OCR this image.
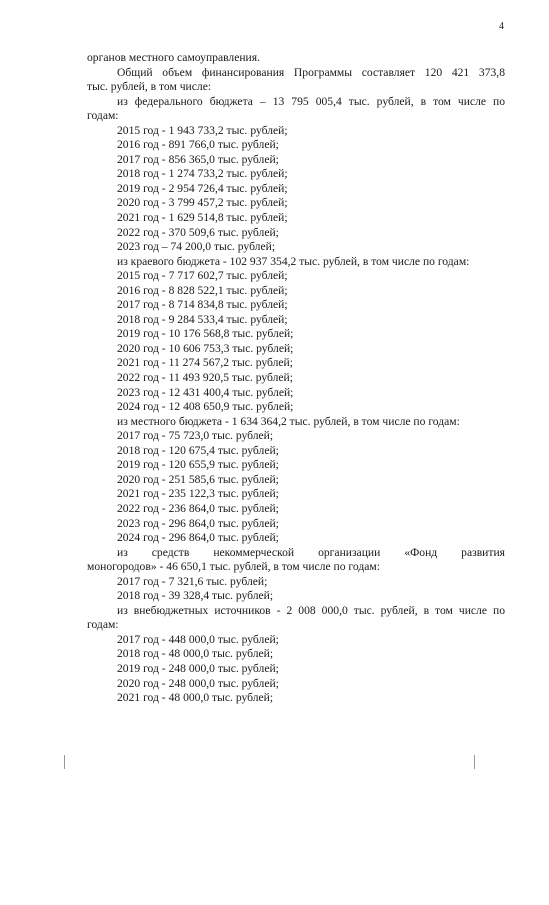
4

органов местного самоуправления.

Общий объем финансирования Программы составляет 120 421 373,8

тыс. рублей, в том числе:

из федерального бюджета – 13 795 005,4 тыс. рублей, в том числе по

годам:

2015 год - 1 943 733,2 тыс. рублей;

2016 год - 891 766,0 тыс. рублей;

2017 год - 856 365,0 тыс. рублей;

2018 год - 1 274 733,2 тыс. рублей;

2019 год - 2 954 726,4 тыс. рублей;

2020 год - 3 799 457,2 тыс. рублей;

2021 год - 1 629 514,8 тыс. рублей;

2022 год - 370 509,6 тыс. рублей;

2023 год – 74 200,0 тыс. рублей;

из краевого бюджета - 102 937 354,2 тыс. рублей, в том числе по годам:

2015 год - 7 717 602,7 тыс. рублей;

2016 год - 8 828 522,1 тыс. рублей;

2017 год - 8 714 834,8 тыс. рублей;

2018 год - 9 284 533,4 тыс. рублей;

2019 год - 10 176 568,8 тыс. рублей;

2020 год - 10 606 753,3 тыс. рублей;

2021 год - 11 274 567,2 тыс. рублей;

2022 год - 11 493 920,5 тыс. рублей;

2023 год - 12 431 400,4 тыс. рублей;

2024 год - 12 408 650,9 тыс. рублей;

из местного бюджета - 1 634 364,2 тыс. рублей, в том числе по годам:

2017 год - 75 723,0 тыс. рублей;

2018 год - 120 675,4 тыс. рублей;

2019 год - 120 655,9 тыс. рублей;

2020 год - 251 585,6 тыс. рублей;

2021 год - 235 122,3 тыс. рублей;

2022 год - 236 864,0 тыс. рублей;

2023 год - 296 864,0 тыс. рублей;

2024 год - 296 864,0 тыс. рублей;

из средств некоммерческой организации «Фонд развития

моногородов» - 46 650,1 тыс. рублей, в том числе по годам:

2017 год - 7 321,6 тыс. рублей;

2018 год - 39 328,4 тыс. рублей;

из внебюджетных источников - 2 008 000,0 тыс. рублей, в том числе по

годам:

2017 год - 448 000,0 тыс. рублей;

2018 год - 48 000,0 тыс. рублей;

2019 год - 248 000,0 тыс. рублей;

2020 год - 248 000,0 тыс. рублей;

2021 год - 48 000,0 тыс. рублей;
